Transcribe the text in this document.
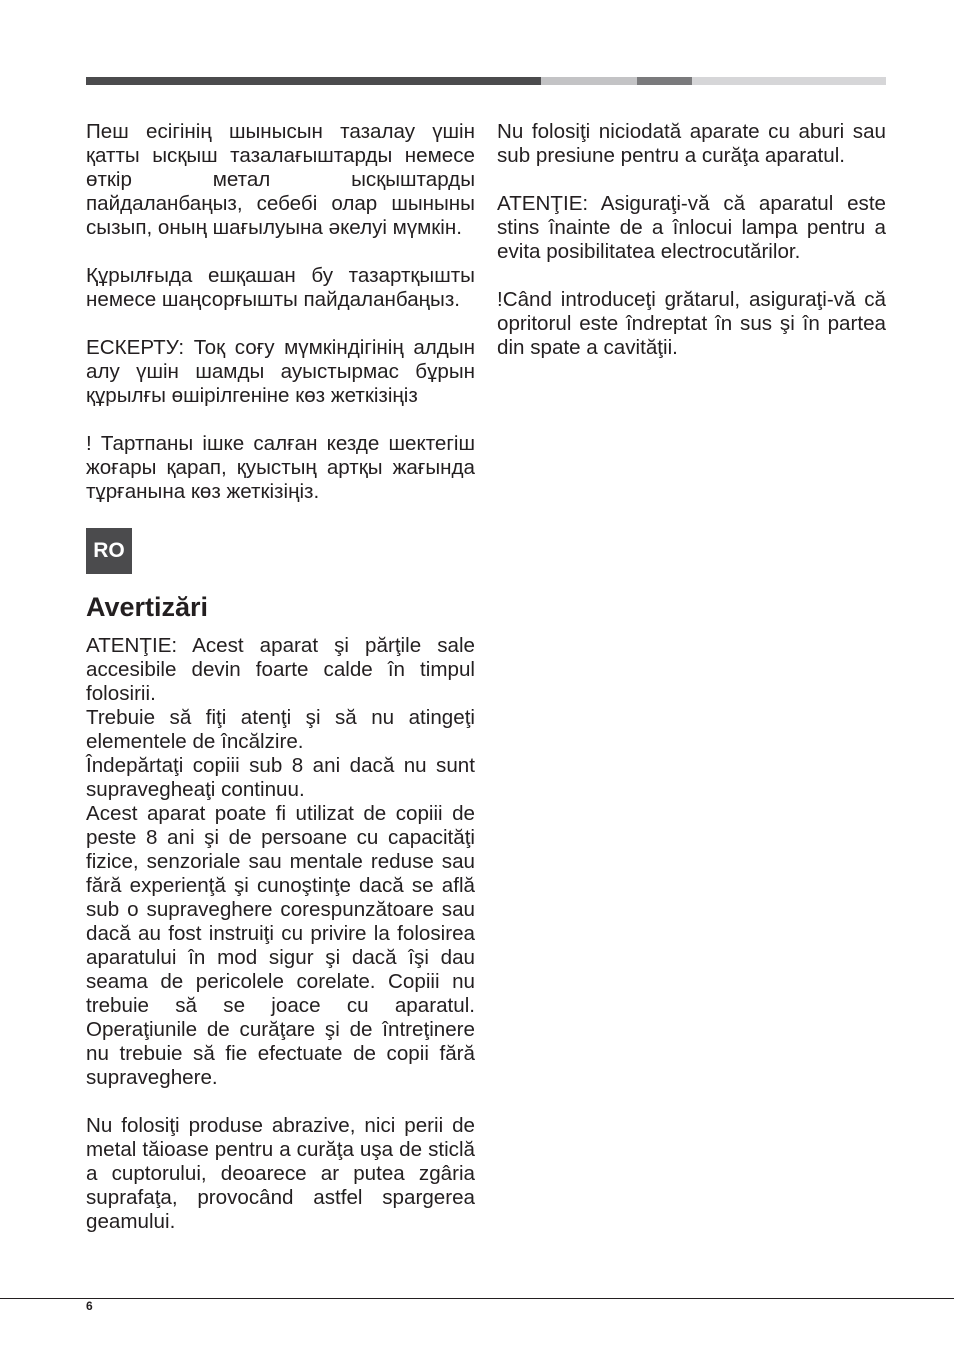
Пеш есігінің шынысын тазалау үшін қатты ысқыш тазалағыштарды немесе өткір метал ысқыштарды пайдаланбаңыз, себебі олар шыныны сызып, оның шағылуына әкелуі мүмкін.

Құрылғыда ешқашан бу тазартқышты немесе шаңсорғышты пайдаланбаңыз.

ЕСКЕРТУ: Тоқ соғу мүмкіндігінің алдын алу үшін шамды ауыстырмас бұрын құрылғы өшірілгеніне көз жеткізіңіз

! Тартпаны ішке салған кезде шектегіш жоғары қарап, қуыстың артқы жағында тұрғанына көз жеткізіңіз.

RO
Avertizări

ATENŢIE: Acest aparat şi părţile sale accesibile devin foarte calde în timpul folosirii.

Trebuie să fiţi atenţi şi să nu atingeţi elementele de încălzire.

Îndepărtaţi copiii sub 8 ani dacă nu sunt supravegheaţi continuu.

Acest aparat poate fi utilizat de copiii de peste 8 ani şi de persoane cu capacităţi fizice, senzoriale sau mentale reduse sau fără experienţă şi cunoştinţe dacă se află sub o supraveghere corespunzătoare sau dacă au fost instruiţi cu privire la folosirea aparatului în mod sigur şi dacă îşi dau seama de pericolele corelate. Copiii nu trebuie să se joace cu aparatul. Operaţiunile de curăţare şi de întreţinere nu trebuie să fie efectuate de copii fără supraveghere.

Nu folosiţi produse abrazive, nici perii de metal tăioase pentru a curăţa uşa de sticlă a cuptorului, deoarece ar putea zgâria suprafaţa, provocând astfel spargerea geamului.

Nu folosiţi niciodată aparate cu aburi sau sub presiune pentru a curăţa aparatul.

ATENŢIE: Asiguraţi-vă că aparatul este stins înainte de a înlocui lampa pentru a evita posibilitatea electrocutărilor.

!Când introduceţi grătarul, asiguraţi-vă că opritorul este îndreptat în sus şi în partea din spate a cavităţii.

6
